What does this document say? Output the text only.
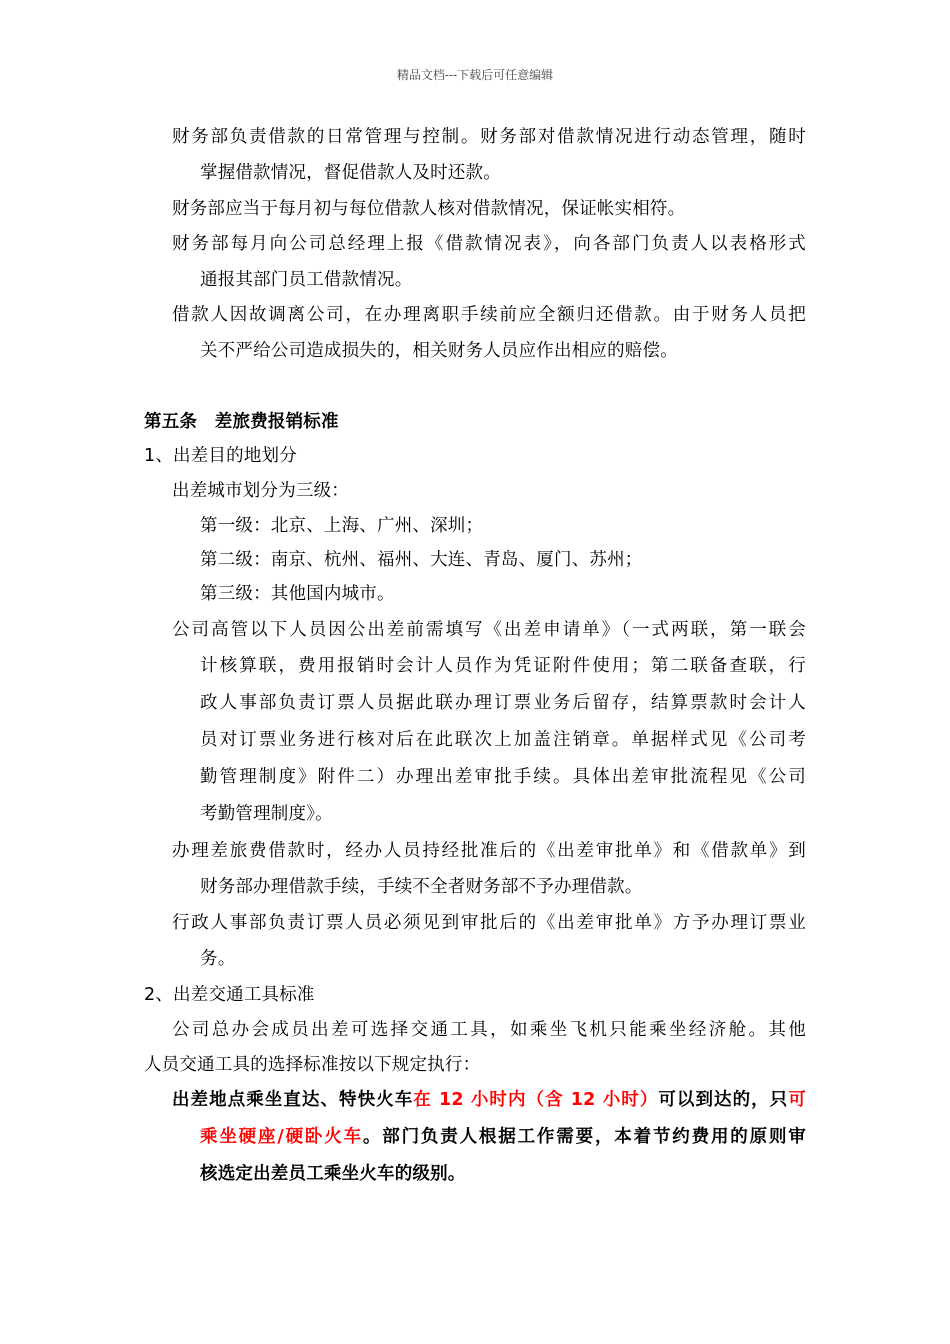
精品文档---下载后可任意编辑
财务部负责借款的日常管理与控制。财务部对借款情况进行动态管理，随时
掌握借款情况，督促借款人及时还款。
财务部应当于每月初与每位借款人核对借款情况，保证帐实相符。
财务部每月向公司总经理上报《借款情况表》，向各部门负责人以表格形式
通报其部门员工借款情况。
借款人因故调离公司，在办理离职手续前应全额归还借款。由于财务人员把
关不严给公司造成损失的，相关财务人员应作出相应的赔偿。
第五条　差旅费报销标准
1、出差目的地划分
出差城市划分为三级：
第一级：北京、上海、广州、深圳；
第二级：南京、杭州、福州、大连、青岛、厦门、苏州；
第三级：其他国内城市。
公司高管以下人员因公出差前需填写《出差申请单》（一式两联，第一联会
计核算联，费用报销时会计人员作为凭证附件使用；第二联备查联，行
政人事部负责订票人员据此联办理订票业务后留存，结算票款时会计人
员对订票业务进行核对后在此联次上加盖注销章。单据样式见《公司考
勤管理制度》附件二）办理出差审批手续。具体出差审批流程见《公司
考勤管理制度》。
办理差旅费借款时，经办人员持经批准后的《出差审批单》和《借款单》到
财务部办理借款手续，手续不全者财务部不予办理借款。
行政人事部负责订票人员必须见到审批后的《出差审批单》方予办理订票业
务。
2、出差交通工具标准
公司总办会成员出差可选择交通工具，如乘坐飞机只能乘坐经济舱。其他
人员交通工具的选择标准按以下规定执行：
出差地点乘坐直达、特快火车在 12 小时内（含 12 小时）可以到达的，只可
乘坐硬座/硬卧火车。部门负责人根据工作需要，本着节约费用的原则审
核选定出差员工乘坐火车的级别。
